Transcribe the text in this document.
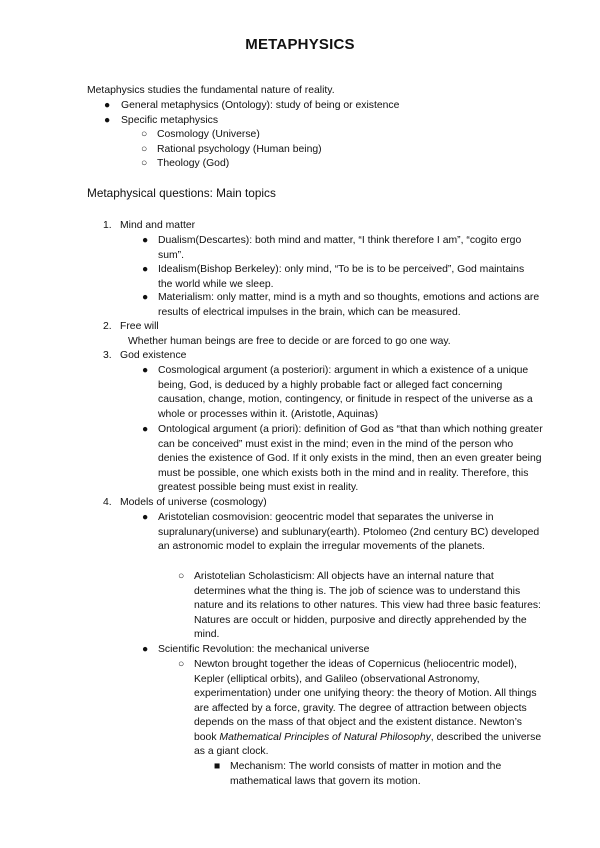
METAPHYSICS
Metaphysics studies the fundamental nature of reality.
● General metaphysics (Ontology): study of being or existence
● Specific metaphysics
○ Cosmology (Universe)
○ Rational psychology (Human being)
○ Theology (God)
Metaphysical questions: Main topics
1. Mind and matter
● Dualism(Descartes): both mind and matter, “I think therefore I am”, “cogito ergo sum”.
● Idealism(Bishop Berkeley): only mind, “To be is to be perceived”, God maintains the world while we sleep.
● Materialism: only matter, mind is a myth and so thoughts, emotions and actions are results of electrical impulses in the brain, which can be measured.
2. Free will
Whether human beings are free to decide or are forced to go one way.
3. God existence
● Cosmological argument (a posteriori): argument in which a existence of a unique being, God, is deduced by a highly probable fact or alleged fact concerning causation, change, motion, contingency, or finitude in respect of the universe as a whole or processes within it. (Aristotle, Aquinas)
● Ontological argument (a priori): definition of God as “that than which nothing greater can be conceived” must exist in the mind; even in the mind of the person who denies the existence of God. If it only exists in the mind, then an even greater being must be possible, one which exists both in the mind and in reality. Therefore, this greatest possible being must exist in reality.
4. Models of universe (cosmology)
● Aristotelian cosmovision: geocentric model that separates the universe in supralunary(universe) and sublunary(earth). Ptolomeo (2nd century BC) developed an astronomic model to explain the irregular movements of the planets.
○ Aristotelian Scholasticism: All objects have an internal nature that determines what the thing is. The job of science was to understand this nature and its relations to other natures. This view had three basic features: Natures are occult or hidden, purposive and directly apprehended by the mind.
● Scientific Revolution: the mechanical universe
○ Newton brought together the ideas of Copernicus (heliocentric model), Kepler (elliptical orbits), and Galileo (observational Astronomy, experimentation) under one unifying theory: the theory of Motion. All things are affected by a force, gravity. The degree of attraction between objects depends on the mass of that object and the existent distance. Newton’s book Mathematical Principles of Natural Philosophy, described the universe as a giant clock.
■ Mechanism: The world consists of matter in motion and the mathematical laws that govern its motion.
